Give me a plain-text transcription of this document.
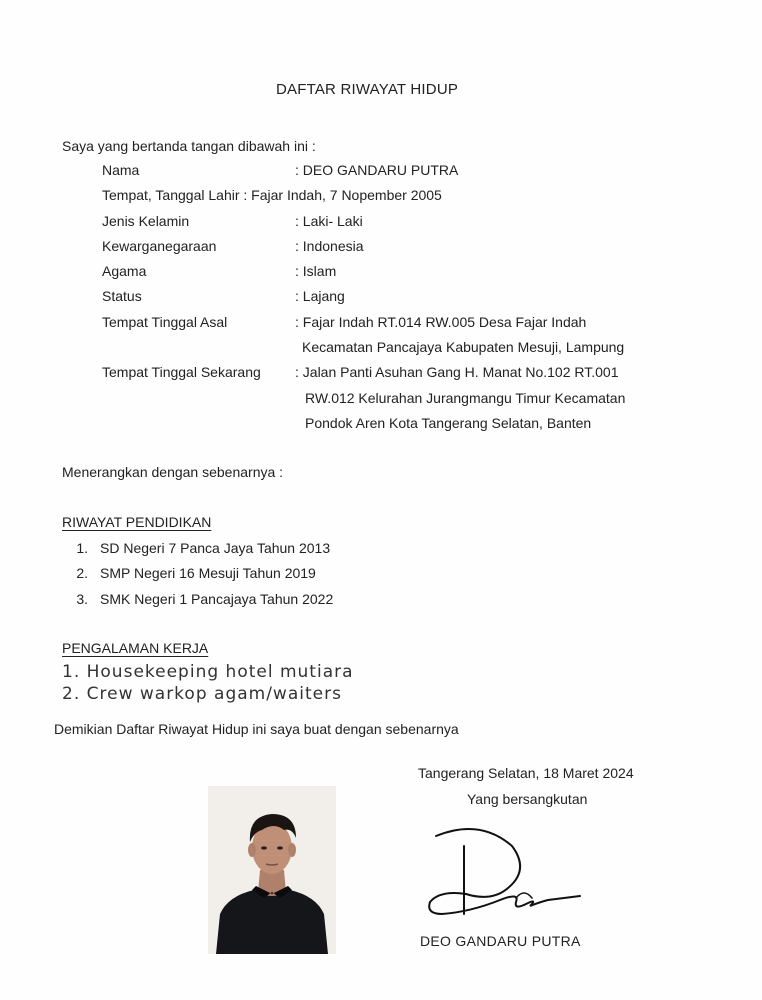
DAFTAR RIWAYAT HIDUP
Saya yang bertanda tangan dibawah ini :
Nama	: DEO GANDARU PUTRA
Tempat, Tanggal Lahir : Fajar Indah, 7 Nopember 2005
Jenis Kelamin	: Laki- Laki
Kewarganegaraan	: Indonesia
Agama	: Islam
Status	: Lajang
Tempat Tinggal Asal	: Fajar Indah RT.014 RW.005 Desa Fajar Indah
Kecamatan Pancajaya Kabupaten Mesuji, Lampung
Tempat Tinggal Sekarang : Jalan Panti Asuhan Gang H. Manat No.102 RT.001
RW.012 Kelurahan Jurangmangu Timur Kecamatan
Pondok Aren Kota Tangerang Selatan, Banten
Menerangkan dengan sebenarnya :
RIWAYAT PENDIDIKAN
1. SD Negeri 7 Panca Jaya Tahun 2013
2. SMP Negeri 16 Mesuji Tahun 2019
3. SMK Negeri 1 Pancajaya Tahun 2022
PENGALAMAN KERJA
1. Housekeeping hotel mutiara
2. Crew warkop agam/waiters
Demikian Daftar Riwayat Hidup ini saya buat dengan sebenarnya
Tangerang Selatan, 18 Maret 2024
Yang bersangkutan
DEO GANDARU PUTRA
